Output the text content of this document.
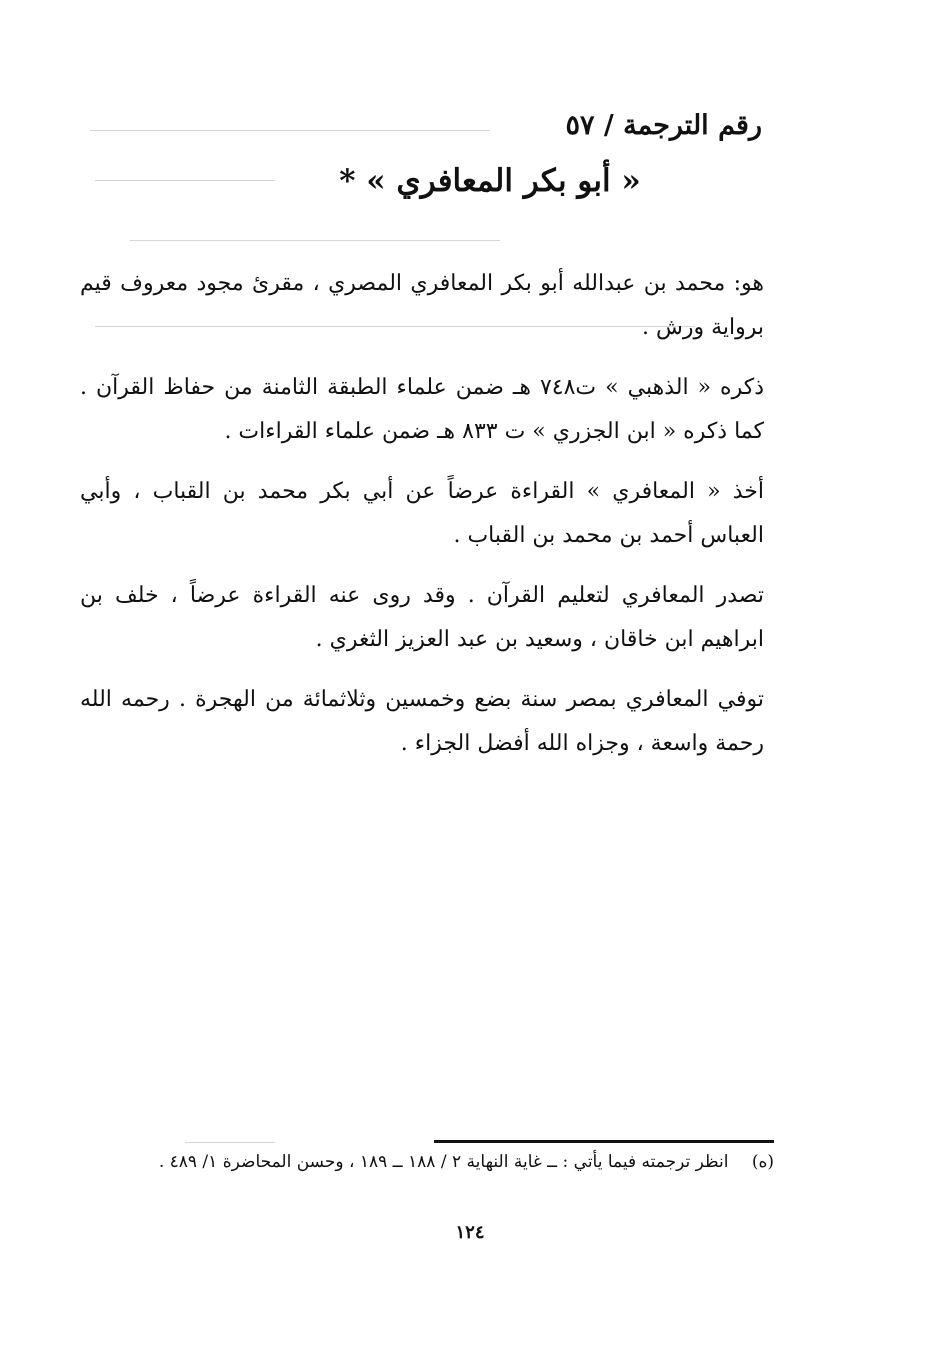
رقم الترجمة / ٥٧
« أبو بكر المعافري » *

هو: محمد بن عبدالله أبو بكر المعافري المصري ، مقرئ مجود معروف قيم برواية ورش .

ذكره « الذهبي » ت٧٤٨ هـ ضمن علماء الطبقة الثامنة من حفاظ القرآن . كما ذكره « ابن الجزري » ت ٨٣٣ هـ ضمن علماء القراءات .

أخذ « المعافري » القراءة عرضاً عن أبي بكر محمد بن القباب ، وأبي العباس أحمد بن محمد بن القباب .

تصدر المعافري لتعليم القرآن . وقد روى عنه القراءة عرضاً ، خلف بن ابراهيم ابن خاقان ، وسعيد بن عبد العزيز الثغري .

توفي المعافري بمصر سنة بضع وخمسين وثلاثمائة من الهجرة . رحمه الله رحمة واسعة ، وجزاه الله أفضل الجزاء .

(ه) انظر ترجمته فيما يأتي : ــ غاية النهاية ٢ / ١٨٨ ــ ١٨٩ ، وحسن المحاضرة ١/ ٤٨٩ .
١٢٤
